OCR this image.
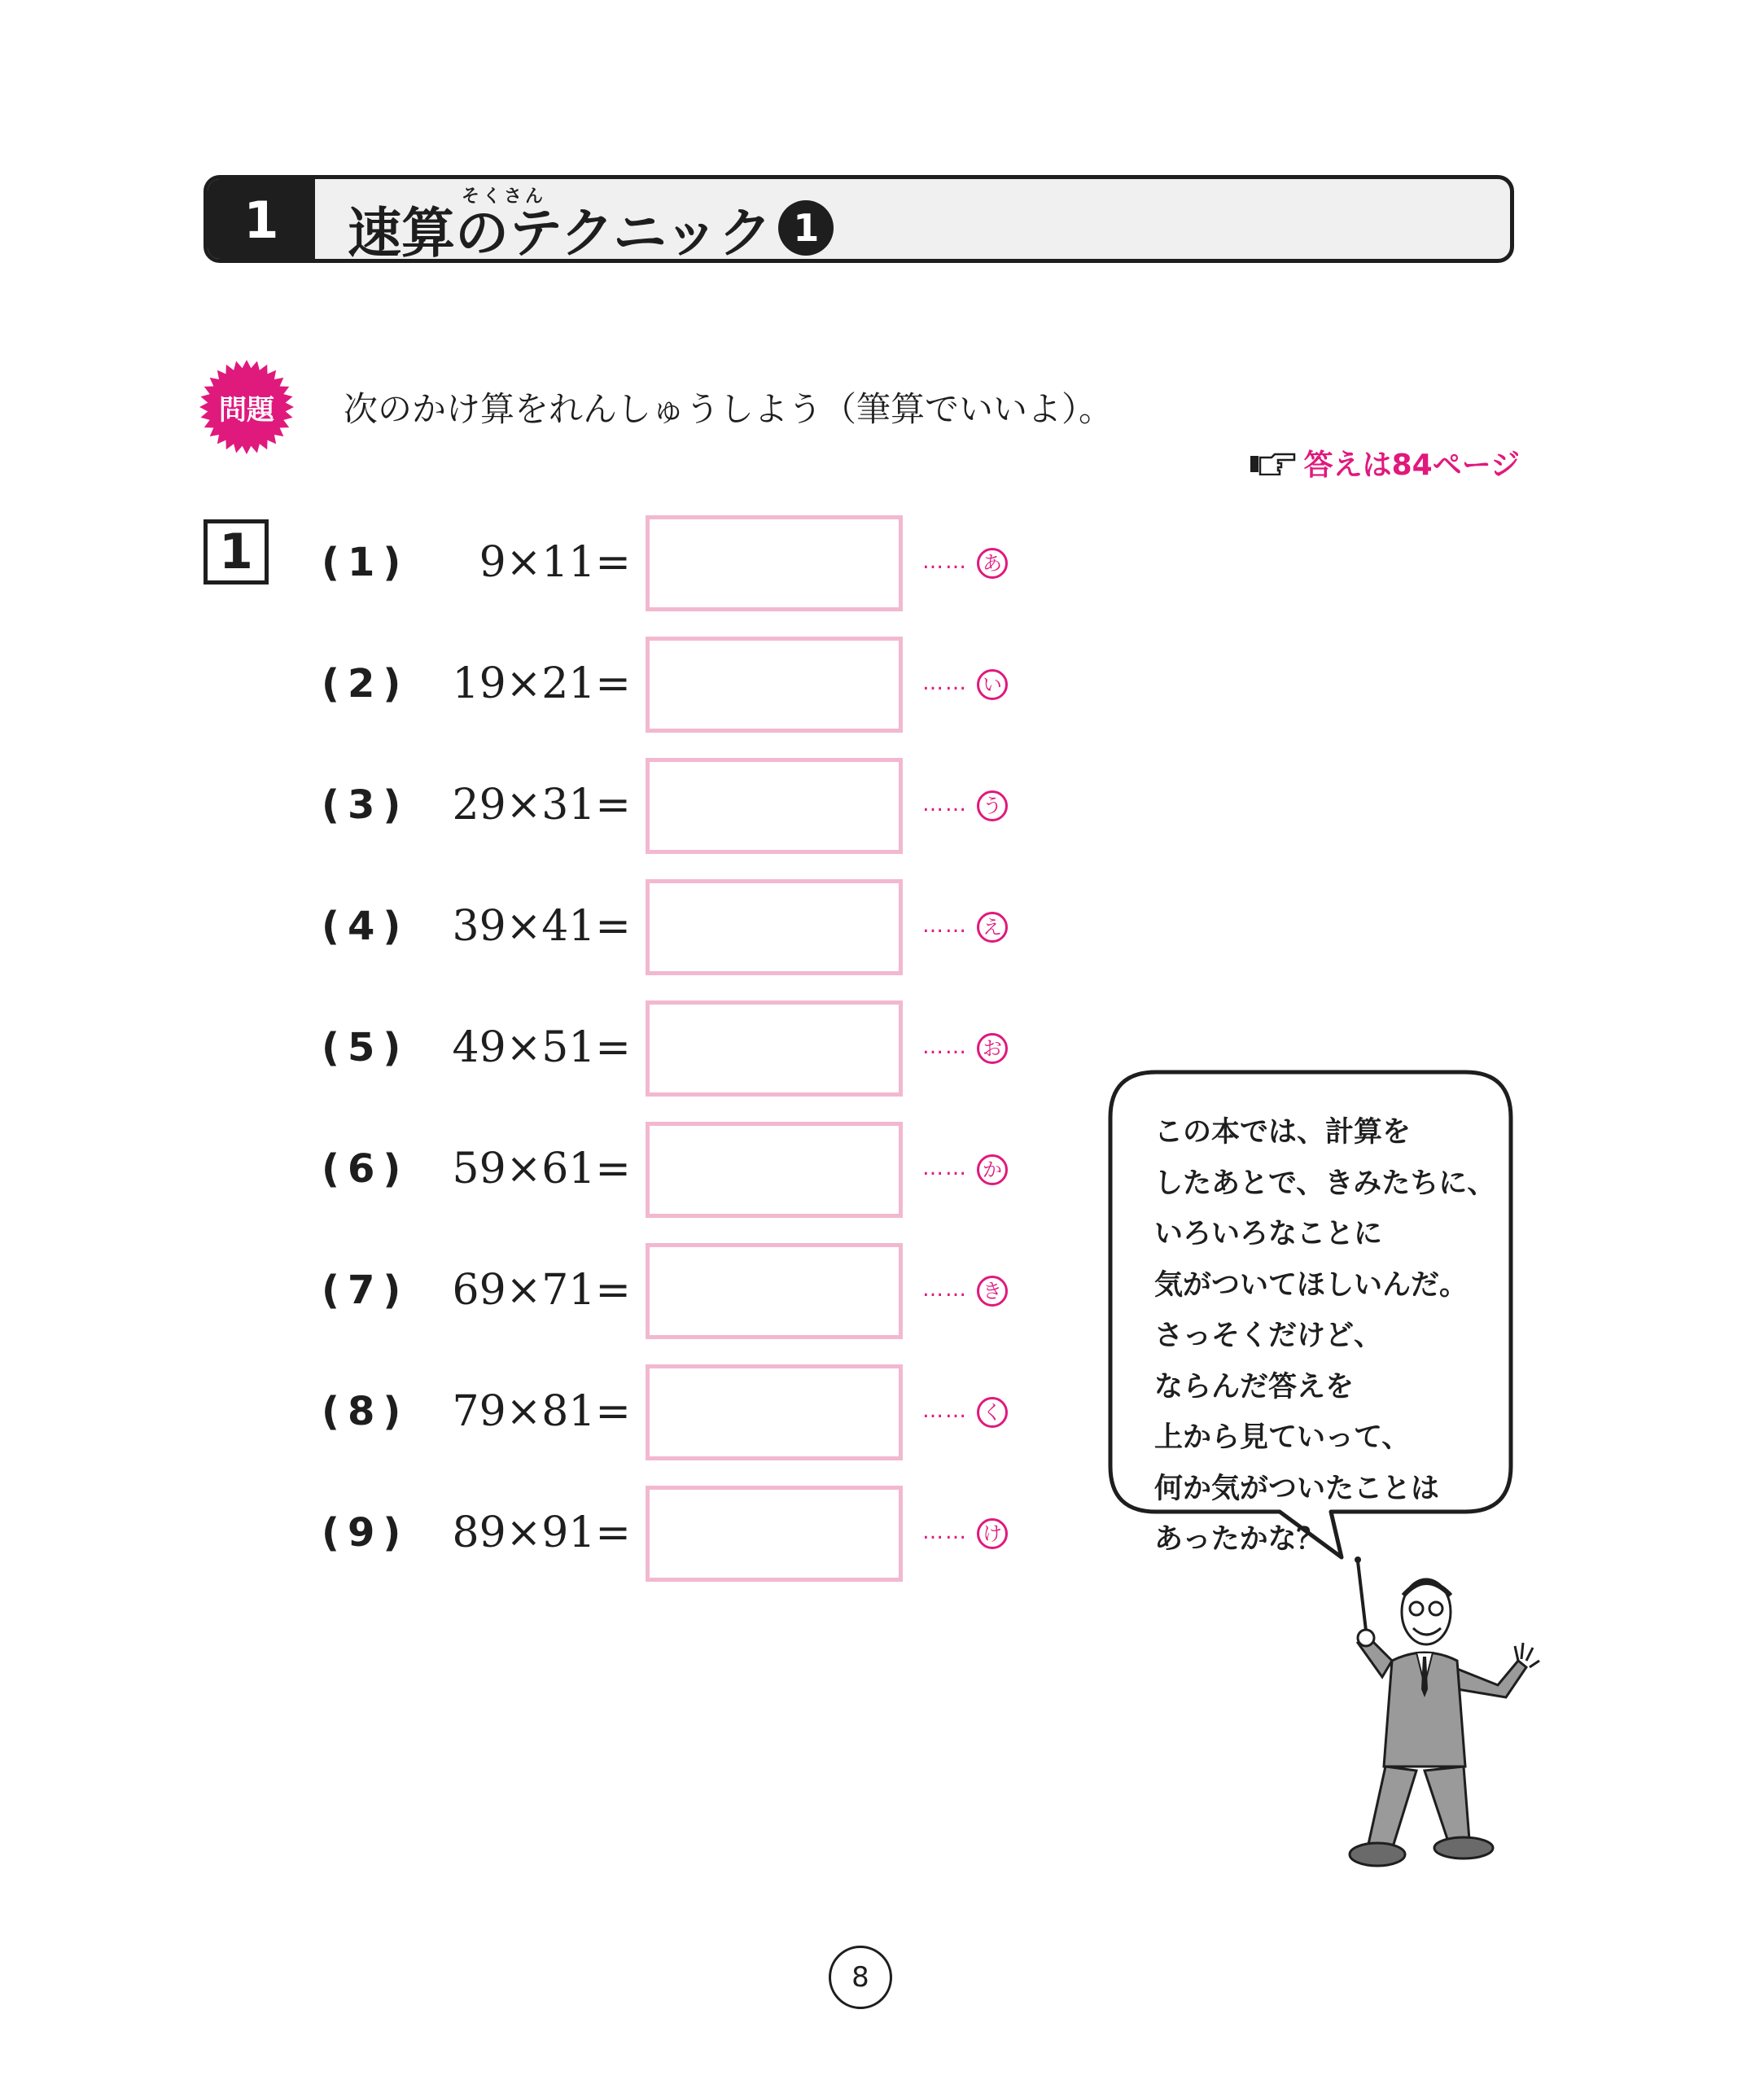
1	そくさん
速算のテクニック 1
問題	次のかけ算をれんしゅうしよう（筆算でいいよ）。
答えは84ページ
1	(1) 9×11=	…… あ
(2) 19×21=	…… い
(3) 29×31=	…… う
(4) 39×41=	…… え
(5) 49×51=	…… お
(6) 59×61=	…… か
(7) 69×71=	…… き
(8) 79×81=	…… く
(9) 89×91=	…… け
この本では、計算を
したあとで、きみたちに、
いろいろなことに
気がついてほしいんだ。
さっそくだけど、
ならんだ答えを
上から見ていって、
何か気がついたことは
あったかな？
8
